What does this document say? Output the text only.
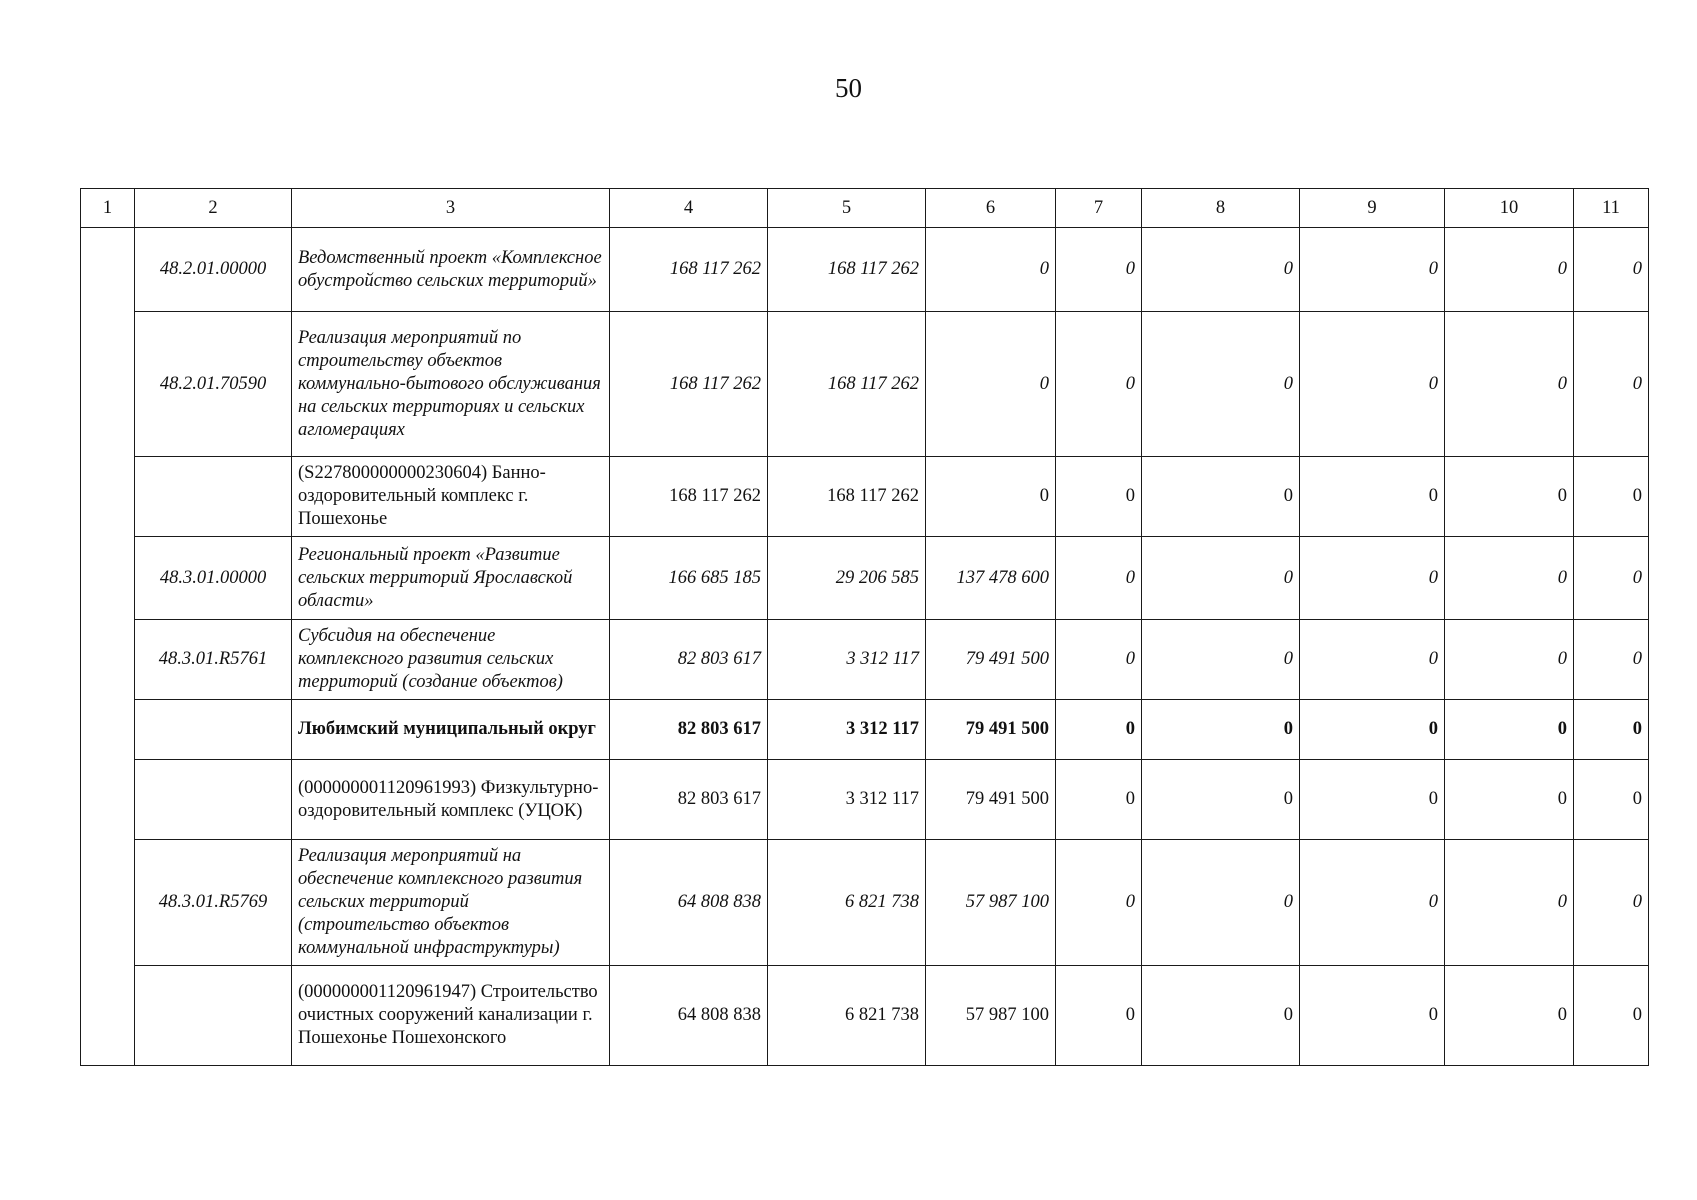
50
1	2	3	4	5	6	7	8	9	10	11
	48.2.01.00000	Ведомственный проект «Комплексное обустройство сельских территорий»	168 117 262	168 117 262	0	0	0	0	0	0
	48.2.01.70590	Реализация мероприятий по строительству объектов коммунально-бытового обслуживания на сельских территориях и сельских агломерациях	168 117 262	168 117 262	0	0	0	0	0	0
		(S227800000000230604) Банно-оздоровительный комплекс г. Пошехонье	168 117 262	168 117 262	0	0	0	0	0	0
	48.3.01.00000	Региональный проект «Развитие сельских территорий Ярославской области»	166 685 185	29 206 585	137 478 600	0	0	0	0	0
	48.3.01.R5761	Субсидия на обеспечение комплексного развития сельских территорий (создание объектов)	82 803 617	3 312 117	79 491 500	0	0	0	0	0
		Любимский муниципальный округ	82 803 617	3 312 117	79 491 500	0	0	0	0	0
		(000000001120961993) Физкультурно-оздоровительный комплекс (УЦОК)	82 803 617	3 312 117	79 491 500	0	0	0	0	0
	48.3.01.R5769	Реализация мероприятий на обеспечение комплексного развития сельских территорий (строительство объектов коммунальной инфраструктуры)	64 808 838	6 821 738	57 987 100	0	0	0	0	0
		(000000001120961947) Строительство очистных сооружений канализации г. Пошехонье Пошехонского	64 808 838	6 821 738	57 987 100	0	0	0	0	0
